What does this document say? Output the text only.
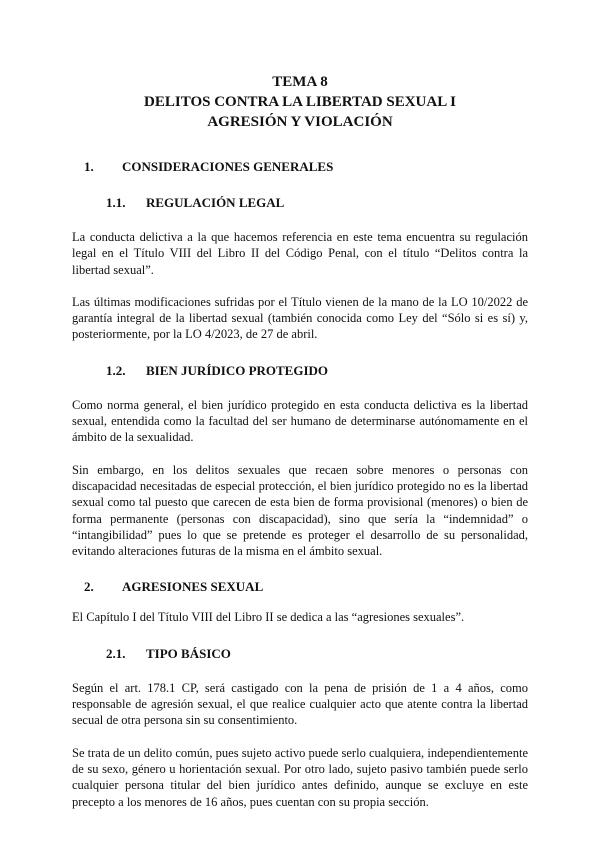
TEMA 8
DELITOS CONTRA LA LIBERTAD SEXUAL I
AGRESIÓN Y VIOLACIÓN
1.	CONSIDERACIONES GENERALES
1.1.	REGULACIÓN LEGAL

La conducta delictiva a la que hacemos referencia en este tema encuentra su regulación legal en el Título VIII del Libro II del Código Penal, con el título “Delitos contra la libertad sexual”.

Las últimas modificaciones sufridas por el Título vienen de la mano de la LO 10/2022 de garantía integral de la libertad sexual (también conocida como Ley del “Sólo si es sí) y, posteriormente, por la LO 4/2023, de 27 de abril.

1.2.	BIEN JURÍDICO PROTEGIDO

Como norma general, el bien jurídico protegido en esta conducta delictiva es la libertad sexual, entendida como la facultad del ser humano de determinarse autónomamente en el ámbito de la sexualidad.

Sin embargo, en los delitos sexuales que recaen sobre menores o personas con discapacidad necesitadas de especial protección, el bien jurídico protegido no es la libertad sexual como tal puesto que carecen de esta bien de forma provisional (menores) o bien de forma permanente (personas con discapacidad), sino que sería la “indemnidad” o “intangibilidad” pues lo que se pretende es proteger el desarrollo de su personalidad, evitando alteraciones futuras de la misma en el ámbito sexual.

2.	AGRESIONES SEXUAL

El Capítulo I del Título VIII del Libro II se dedica a las “agresiones sexuales”.

2.1.	TIPO BÁSICO

Según el art. 178.1 CP, será castigado con la pena de prisión de 1 a 4 años, como responsable de agresión sexual, el que realice cualquier acto que atente contra la libertad secual de otra persona sin su consentimiento.

Se trata de un delito común, pues sujeto activo puede serlo cualquiera, independientemente de su sexo, género u horientación sexual. Por otro lado, sujeto pasivo también puede serlo cualquier persona titular del bien jurídico antes definido, aunque se excluye en este precepto a los menores de 16 años, pues cuentan con su propia sección.
